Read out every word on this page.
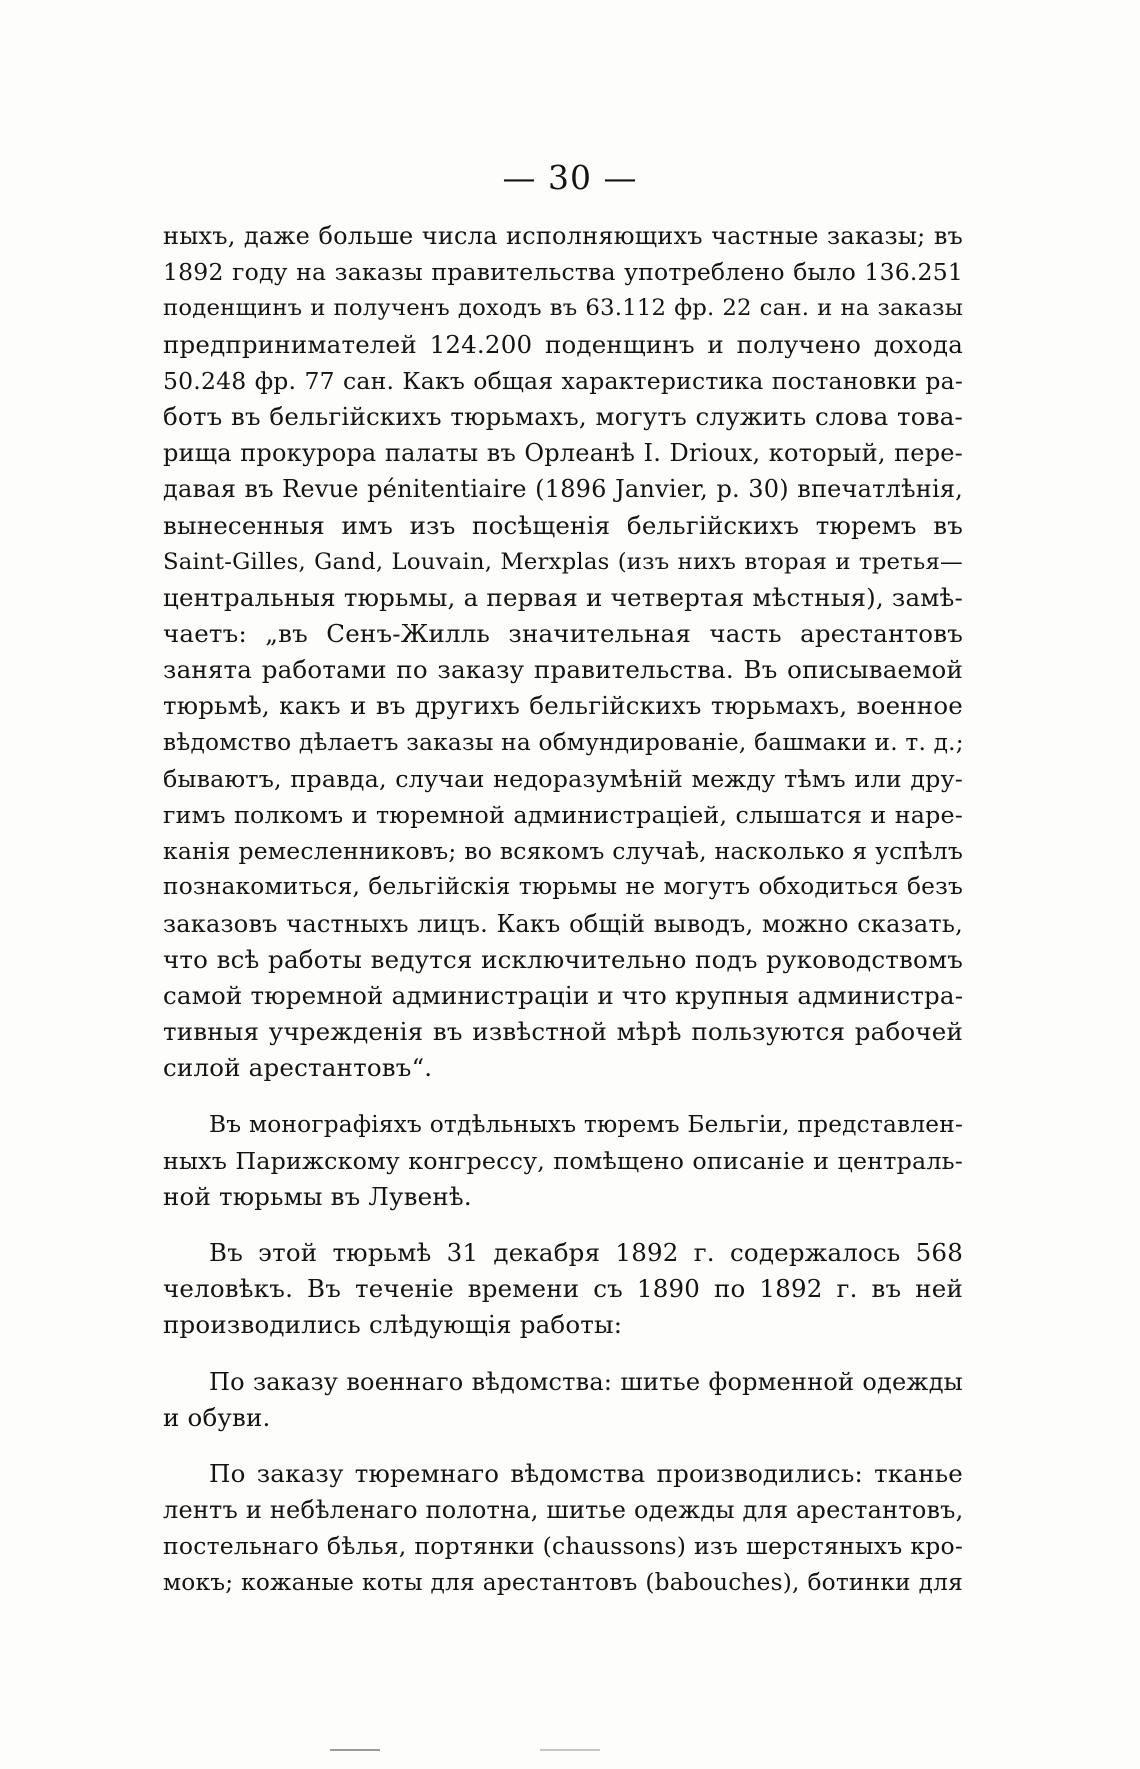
— 30 —
ныхъ, даже больше числа исполняющихъ частные заказы; въ
1892 году на заказы правительства употреблено было 136.251
поденщинъ и полученъ доходъ въ 63.112 фр. 22 сан. и на заказы
предпринимателей 124.200 поденщинъ и получено дохода
50.248 фр. 77 сан. Какъ общая характеристика постановки ра-
ботъ въ бельгійскихъ тюрьмахъ, могутъ служить слова това-
рища прокурора палаты въ Орлеанѣ I. Drioux, который, пере-
давая въ Revue pénitentiaire (1896 Janvier, p. 30) впечатлѣнія,
вынесенныя имъ изъ посѣщенія бельгійскихъ тюремъ въ
Saint-Gilles, Gand, Louvain, Merxplas (изъ нихъ вторая и третья—
центральныя тюрьмы, а первая и четвертая мѣстныя), замѣ-
чаетъ: „въ Сенъ-Жилль значительная часть арестантовъ
занята работами по заказу правительства. Въ описываемой
тюрьмѣ, какъ и въ другихъ бельгійскихъ тюрьмахъ, военное
вѣдомство дѣлаетъ заказы на обмундированіе, башмаки и. т. д.;
бываютъ, правда, случаи недоразумѣній между тѣмъ или дру-
гимъ полкомъ и тюремной администраціей, слышатся и наре-
канія ремесленниковъ; во всякомъ случаѣ, насколько я успѣлъ
познакомиться, бельгійскія тюрьмы не могутъ обходиться безъ
заказовъ частныхъ лицъ. Какъ общій выводъ, можно сказать,
что всѣ работы ведутся исключительно подъ руководствомъ
самой тюремной администраціи и что крупныя администра-
тивныя учрежденія въ извѣстной мѣрѣ пользуются рабочей
силой арестантовъ“.
Въ монографіяхъ отдѣльныхъ тюремъ Бельгіи, представлен-
ныхъ Парижскому конгрессу, помѣщено описаніе и централь-
ной тюрьмы въ Лувенѣ.
Въ этой тюрьмѣ 31 декабря 1892 г. содержалось 568
человѣкъ. Въ теченіе времени съ 1890 по 1892 г. въ ней
производились слѣдующія работы:
По заказу военнаго вѣдомства: шитье форменной одежды
и обуви.
По заказу тюремнаго вѣдомства производились: тканье
лентъ и небѣленаго полотна, шитье одежды для арестантовъ,
постельнаго бѣлья, портянки (chaussons) изъ шерстяныхъ кро-
мокъ; кожаные коты для арестантовъ (babouches), ботинки для
